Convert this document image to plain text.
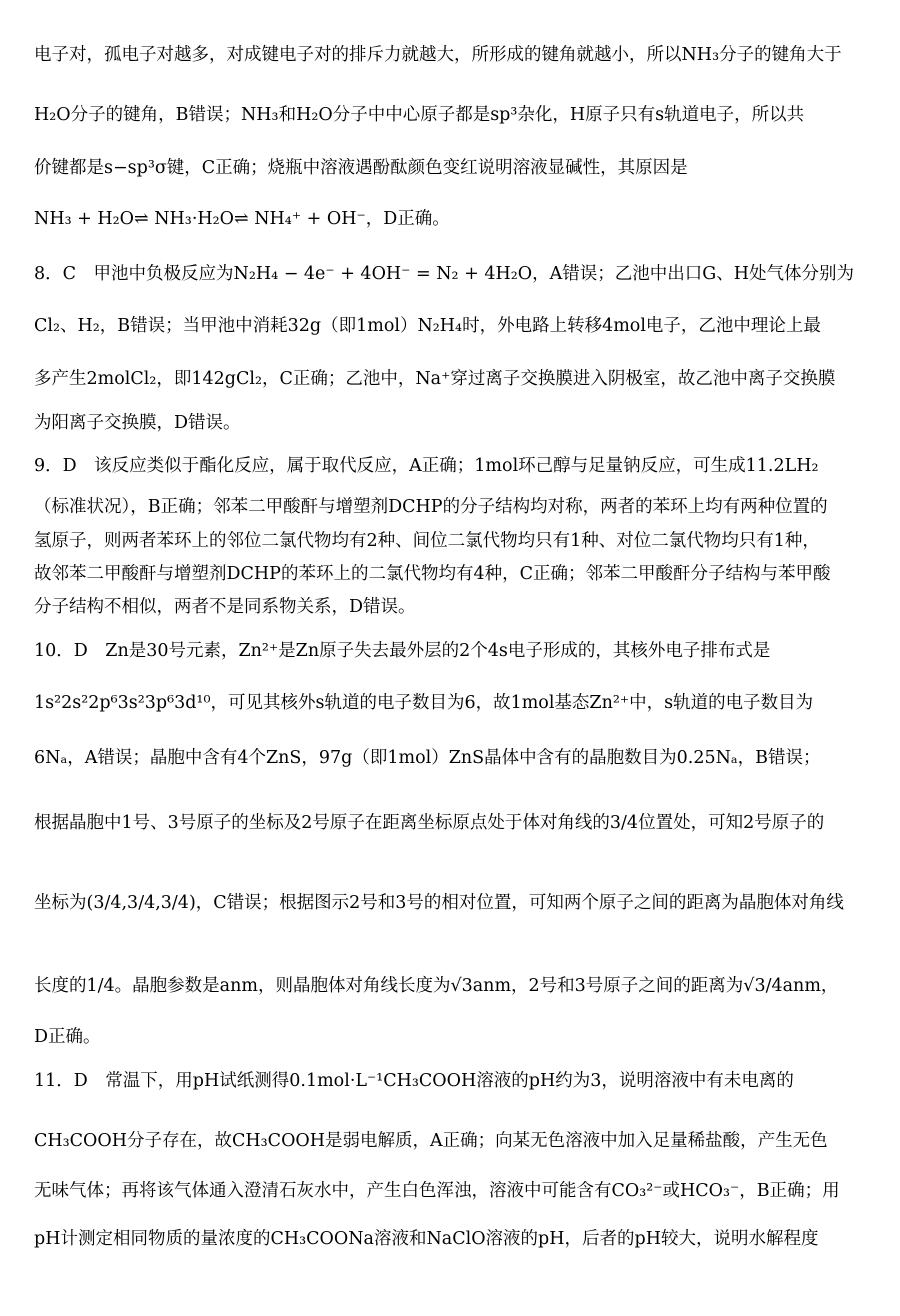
电子对，孤电子对越多，对成键电子对的排斥力就越大，所形成的键角就越小，所以NH₃分子的键角大于
H₂O分子的键角，B错误；NH₃和H₂O分子中中心原子都是sp³杂化，H原子只有s轨道电子，所以共
价键都是s−sp³σ键，C正确；烧瓶中溶液遇酚酞颜色变红说明溶液显碱性，其原因是
NH₃ + H₂O⇌ NH₃·H₂O⇌ NH₄⁺ + OH⁻，D正确。
8．C　甲池中负极反应为N₂H₄ − 4e⁻ + 4OH⁻ = N₂ + 4H₂O，A错误；乙池中出口G、H处气体分别为
Cl₂、H₂，B错误；当甲池中消耗32g（即1mol）N₂H₄时，外电路上转移4mol电子，乙池中理论上最
多产生2molCl₂，即142gCl₂，C正确；乙池中，Na⁺穿过离子交换膜进入阴极室，故乙池中离子交换膜
为阳离子交换膜，D错误。
9．D　该反应类似于酯化反应，属于取代反应，A正确；1mol环己醇与足量钠反应，可生成11.2LH₂
（标准状况），B正确；邻苯二甲酸酐与增塑剂DCHP的分子结构均对称，两者的苯环上均有两种位置的
氢原子，则两者苯环上的邻位二氯代物均有2种、间位二氯代物均只有1种、对位二氯代物均只有1种，
故邻苯二甲酸酐与增塑剂DCHP的苯环上的二氯代物均有4种，C正确；邻苯二甲酸酐分子结构与苯甲酸
分子结构不相似，两者不是同系物关系，D错误。
10．D　Zn是30号元素，Zn²⁺是Zn原子失去最外层的2个4s电子形成的，其核外电子排布式是
1s²2s²2p⁶3s²3p⁶3d¹⁰，可见其核外s轨道的电子数目为6，故1mol基态Zn²⁺中，s轨道的电子数目为
6Nₐ，A错误；晶胞中含有4个ZnS，97g（即1mol）ZnS晶体中含有的晶胞数目为0.25Nₐ，B错误；
根据晶胞中1号、3号原子的坐标及2号原子在距离坐标原点处于体对角线的3/4位置处，可知2号原子的
坐标为(3/4,3/4,3/4)，C错误；根据图示2号和3号的相对位置，可知两个原子之间的距离为晶胞体对角线
长度的1/4。晶胞参数是anm，则晶胞体对角线长度为√3anm，2号和3号原子之间的距离为√3/4anm，
D正确。
11．D　常温下，用pH试纸测得0.1mol·L⁻¹CH₃COOH溶液的pH约为3，说明溶液中有未电离的
CH₃COOH分子存在，故CH₃COOH是弱电解质，A正确；向某无色溶液中加入足量稀盐酸，产生无色
无味气体；再将该气体通入澄清石灰水中，产生白色浑浊，溶液中可能含有CO₃²⁻或HCO₃⁻，B正确；用
pH计测定相同物质的量浓度的CH₃COONa溶液和NaClO溶液的pH，后者的pH较大，说明水解程度
